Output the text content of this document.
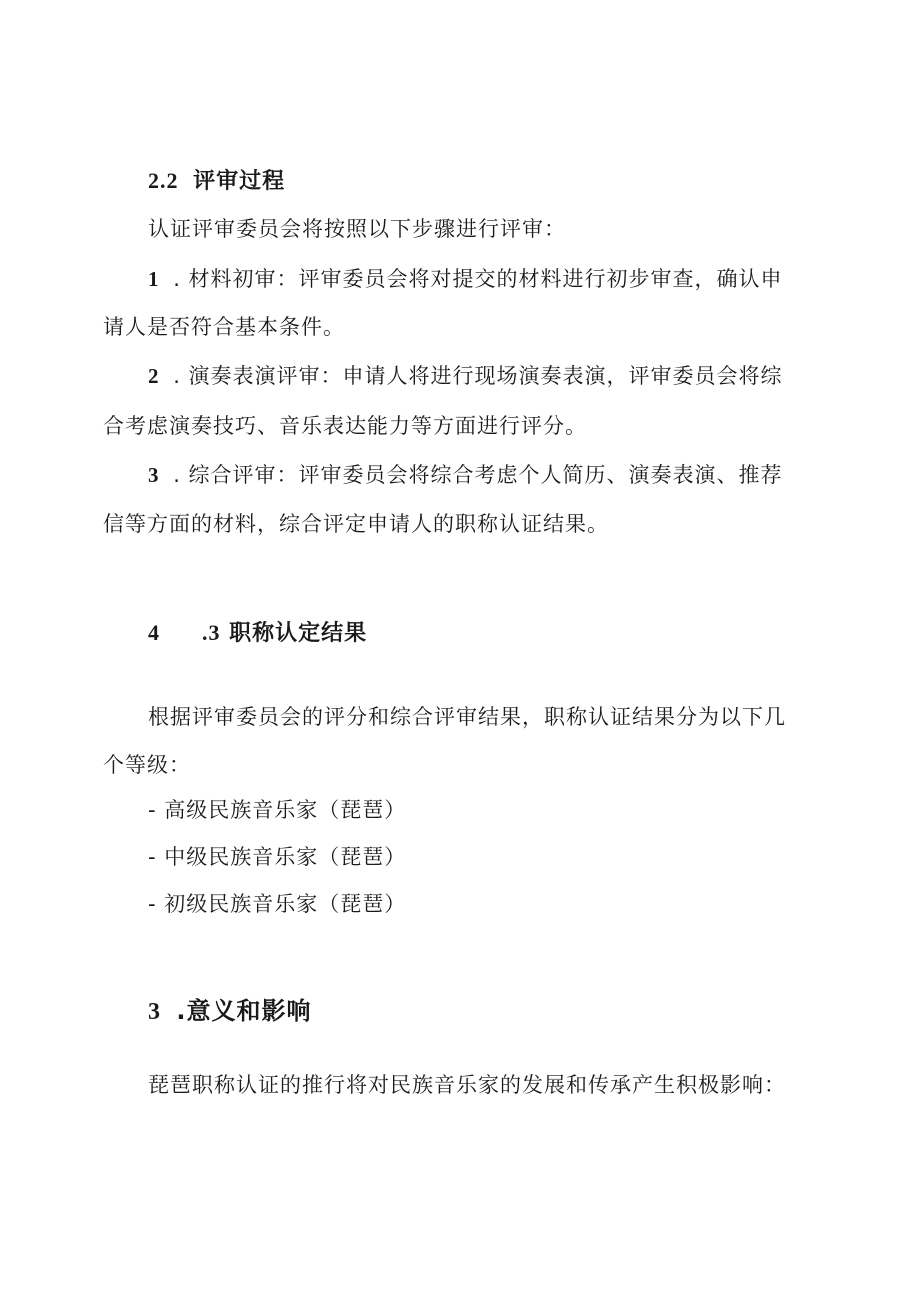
2.2 评审过程
认证评审委员会将按照以下步骤进行评审：
1 . 材料初审：评审委员会将对提交的材料进行初步审查，确认申
请人是否符合基本条件。
2 . 演奏表演评审：申请人将进行现场演奏表演，评审委员会将综
合考虑演奏技巧、音乐表达能力等方面进行评分。
3 . 综合评审：评审委员会将综合考虑个人简历、演奏表演、推荐
信等方面的材料，综合评定申请人的职称认证结果。
4 .3 职称认定结果
根据评审委员会的评分和综合评审结果，职称认证结果分为以下几
个等级：
- 高级民族音乐家（琵琶）
- 中级民族音乐家（琵琶）
- 初级民族音乐家（琵琶）
3 .意义和影响
琵琶职称认证的推行将对民族音乐家的发展和传承产生积极影响：
